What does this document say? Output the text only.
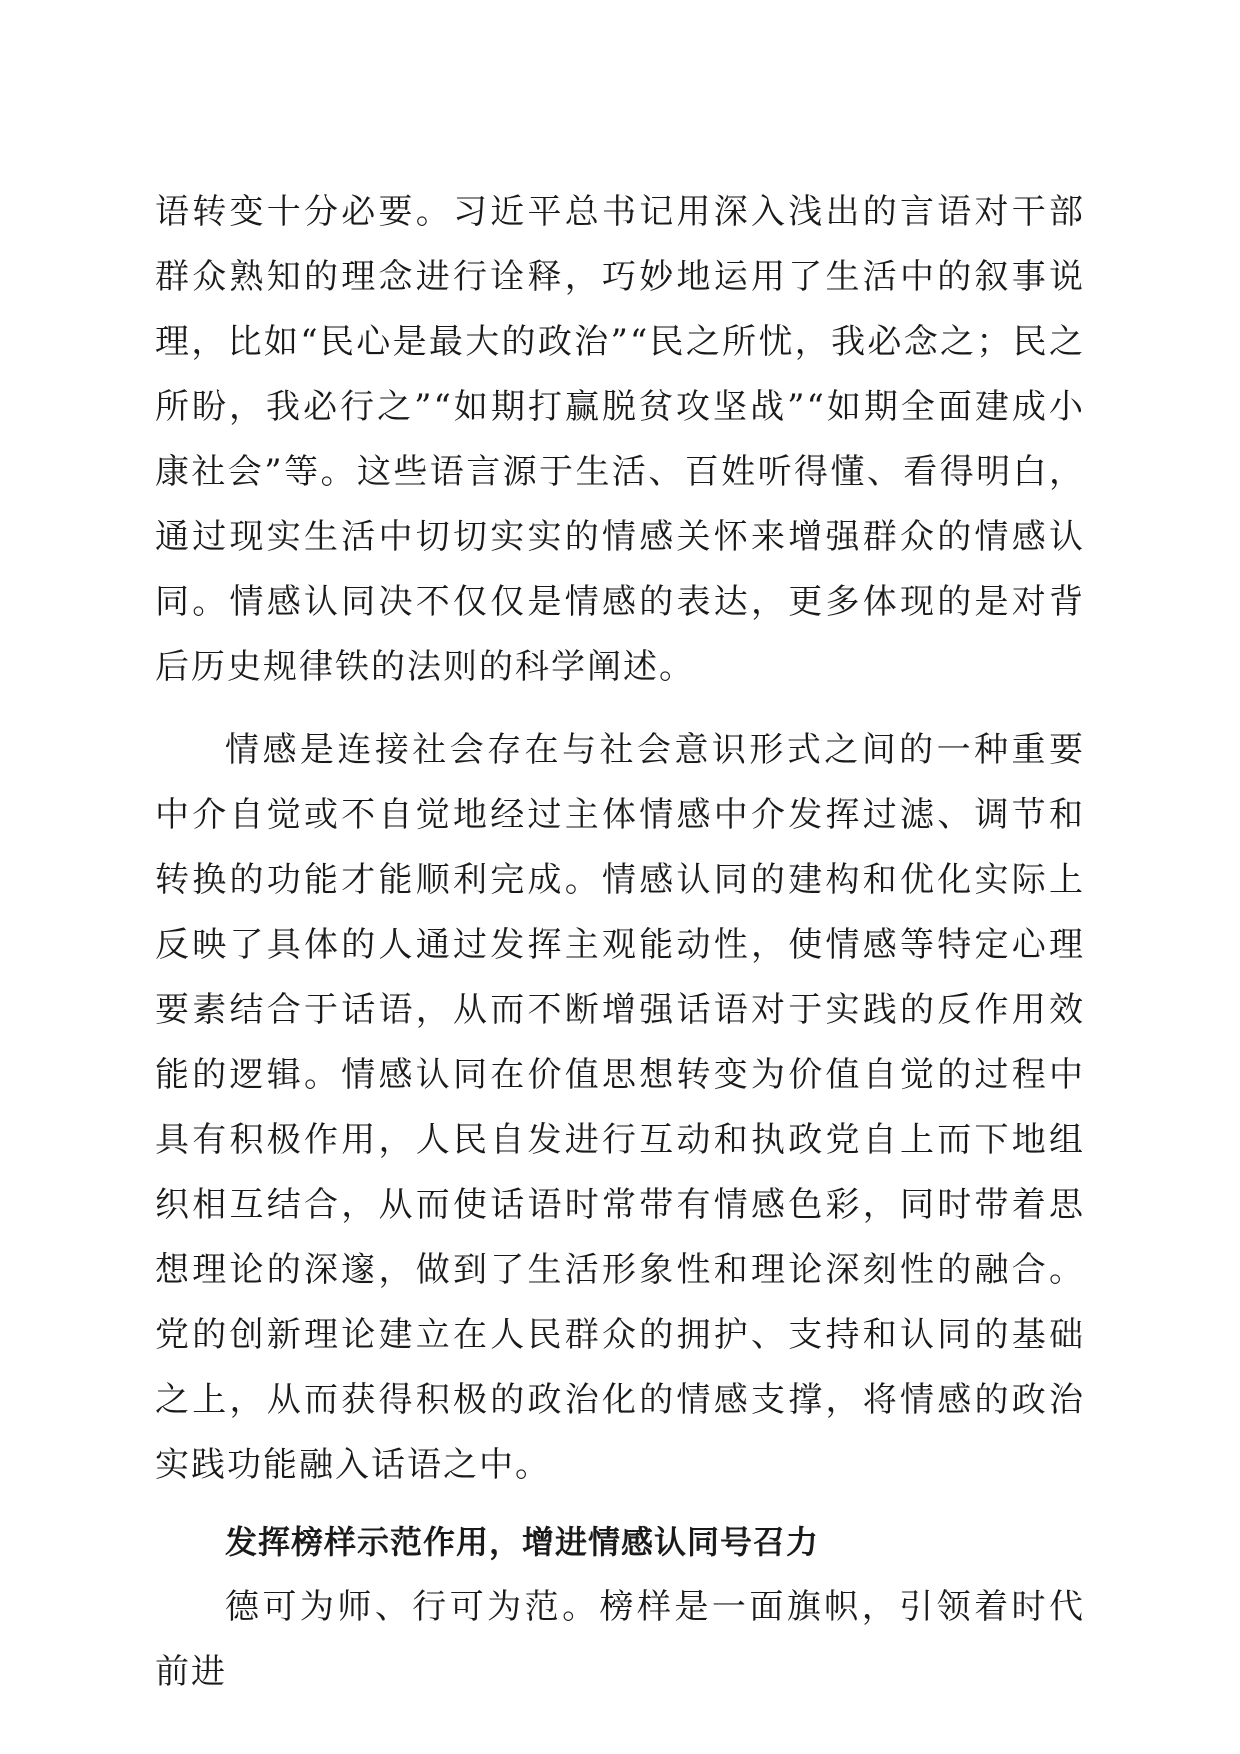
语转变十分必要。习近平总书记用深入浅出的言语对干部群众熟知的理念进行诠释，巧妙地运用了生活中的叙事说理，比如“民心是最大的政治”“民之所忧，我必念之；民之所盼，我必行之”“如期打赢脱贫攻坚战”“如期全面建成小康社会”等。这些语言源于生活、百姓听得懂、看得明白，通过现实生活中切切实实的情感关怀来增强群众的情感认同。情感认同决不仅仅是情感的表达，更多体现的是对背后历史规律铁的法则的科学阐述。

情感是连接社会存在与社会意识形式之间的一种重要中介自觉或不自觉地经过主体情感中介发挥过滤、调节和转换的功能才能顺利完成。情感认同的建构和优化实际上反映了具体的人通过发挥主观能动性，使情感等特定心理要素结合于话语，从而不断增强话语对于实践的反作用效能的逻辑。情感认同在价值思想转变为价值自觉的过程中具有积极作用，人民自发进行互动和执政党自上而下地组织相互结合，从而使话语时常带有情感色彩，同时带着思想理论的深邃，做到了生活形象性和理论深刻性的融合。党的创新理论建立在人民群众的拥护、支持和认同的基础之上，从而获得积极的政治化的情感支撑，将情感的政治实践功能融入话语之中。

发挥榜样示范作用，增进情感认同号召力

德可为师、行可为范。榜样是一面旗帜，引领着时代前进
